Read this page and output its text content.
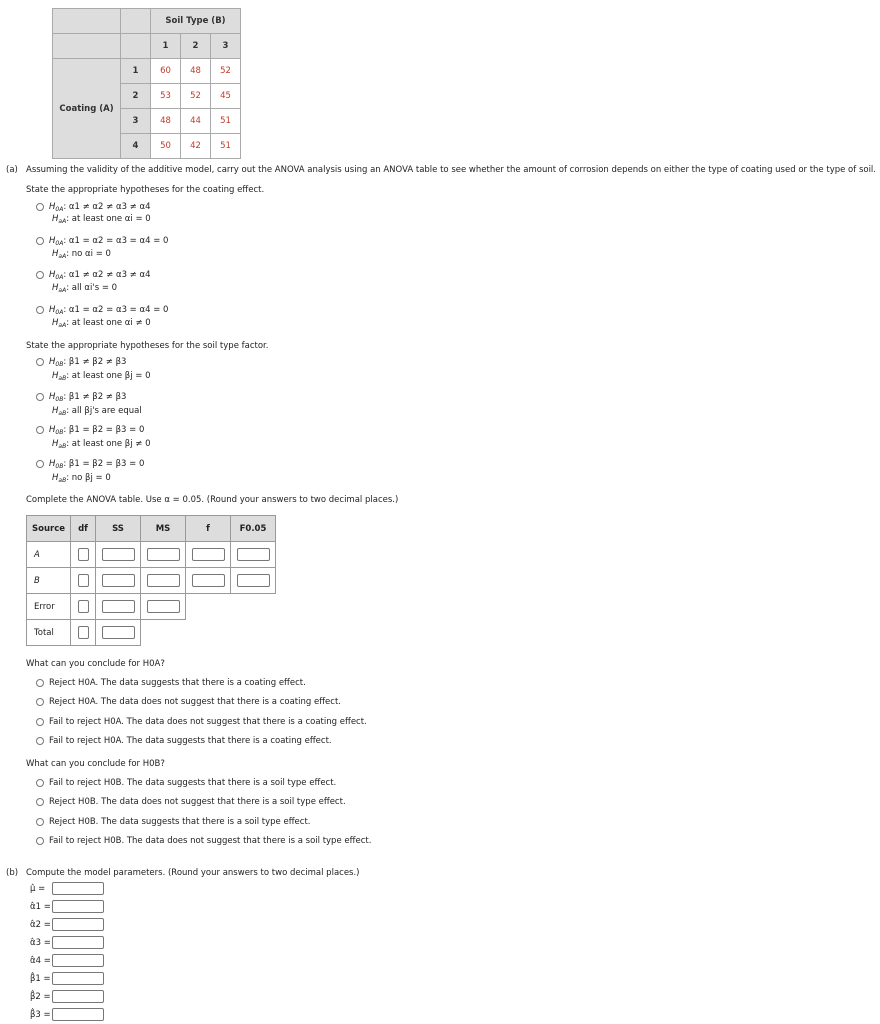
		Soil Type (B)		
		1	2	3
Coating (A)	1	60	48	52
	2	53	52	45
	3	48	44	51
	4	50	42	51
(a) Assuming the validity of the additive model, carry out the ANOVA analysis using an ANOVA table to see whether the amount of corrosion depends on either the type of coating used or the type of soil.
State the appropriate hypotheses for the coating effect.
$H_{0A}$: α1 ≠ α2 ≠ α3 ≠ α4
$H_{aA}$: at least one αi = 0
$H_{0A}$: α1 = α2 = α3 = α4 = 0
$H_{aA}$: no αi = 0
$H_{0A}$: α1 ≠ α2 ≠ α3 ≠ α4
$H_{aA}$: all αi's = 0
$H_{0A}$: α1 = α2 = α3 = α4 = 0
$H_{aA}$: at least one αi ≠ 0
State the appropriate hypotheses for the soil type factor.
$H_{0B}$: β1 ≠ β2 ≠ β3
$H_{aB}$: at least one βj = 0
$H_{0B}$: β1 ≠ β2 ≠ β3
$H_{aB}$: all βj's are equal
$H_{0B}$: β1 = β2 = β3 = 0
$H_{aB}$: at least one βj ≠ 0
$H_{0B}$: β1 = β2 = β3 = 0
$H_{aB}$: no βj = 0
Complete the ANOVA table. Use α = 0.05. (Round your answers to two decimal places.)
Source	df	SS	MS	f	F0.05
A					
B					
Error					
Total					
What can you conclude for H0A?
Reject H0A. The data suggests that there is a coating effect.
Reject H0A. The data does not suggest that there is a coating effect.
Fail to reject H0A. The data does not suggest that there is a coating effect.
Fail to reject H0A. The data suggests that there is a coating effect.
What can you conclude for H0B?
Fail to reject H0B. The data suggests that there is a soil type effect.
Reject H0B. The data does not suggest that there is a soil type effect.
Reject H0B. The data suggests that there is a soil type effect.
Fail to reject H0B. The data does not suggest that there is a soil type effect.
(b) Compute the model parameters. (Round your answers to two decimal places.)
μ̂ =
α̂1 =
α̂2 =
α̂3 =
α̂4 =
β̂1 =
β̂2 =
β̂3 =
